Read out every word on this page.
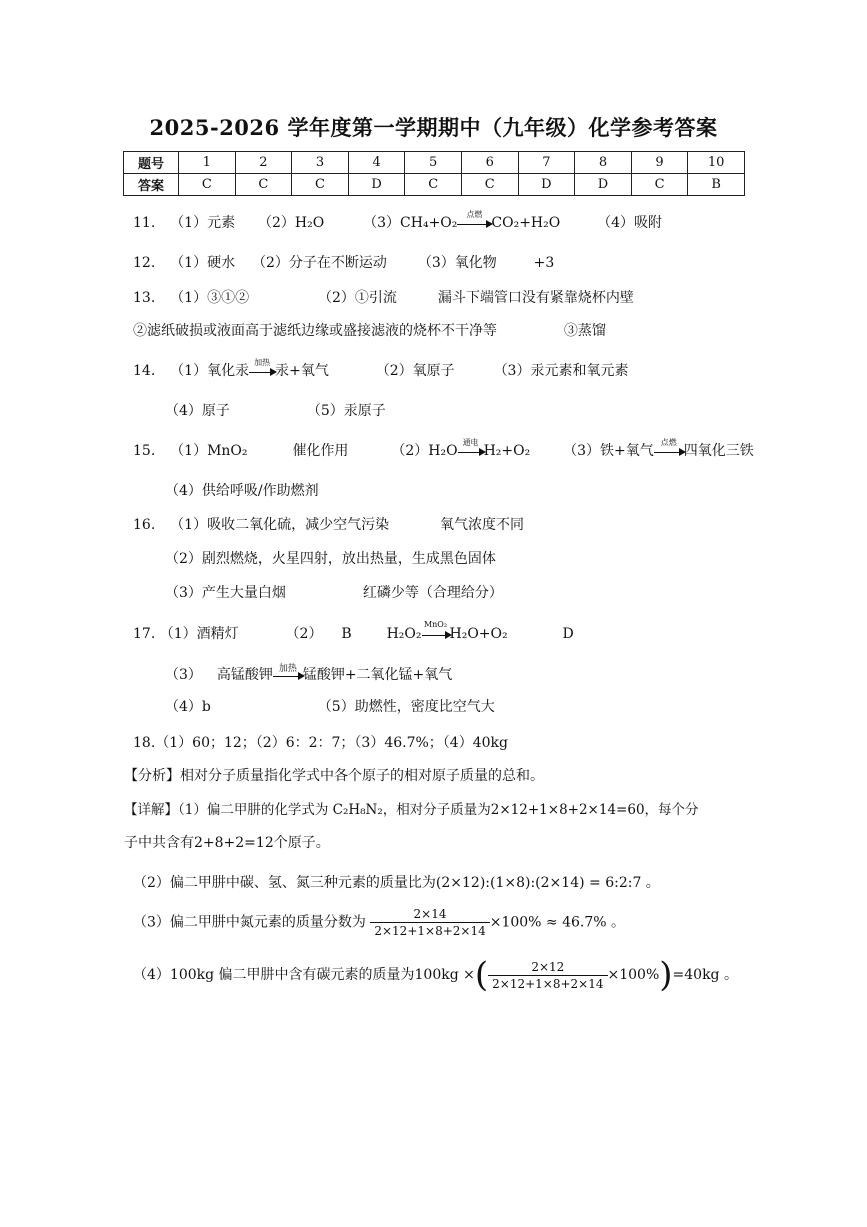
2025-2026 学年度第一学期期中（九年级）化学参考答案
题号	1	2	3	4	5	6	7	8	9	10
答案	C	C	C	D	C	C	D	D	C	B
11. （1）元素 （2）H₂O	（3）CH₄+O₂
点燃
CO₂+H₂O	（4）吸附
12. （1）硬水 （2）分子在不断运动 （3）氧化物	+3
13. （1）③①②	（2）①引流	漏斗下端管口没有紧靠烧杯内壁
②滤纸破损或液面高于滤纸边缘或盛接滤液的烧杯不干净等	③蒸馏
14. （1）氧化汞
加热
汞+氧气	（2）氧原子	（3）汞元素和氧元素
（4）原子	（5）汞原子
15. （1）MnO₂	催化作用	（2）H₂O
通电
H₂+O₂ （3）铁+氧气
点燃
四氧化三铁
（4）供给呼吸/作助燃剂
16. （1）吸收二氧化硫，减少空气污染	氧气浓度不同
（2）剧烈燃烧，火星四射，放出热量，生成黑色固体
（3）产生大量白烟	红磷少等（合理给分）
17. （1）酒精灯	（2） B H₂O₂
MnO₂
H₂O+O₂	D
（3） 高锰酸钾 加热 锰酸钾+二氧化锰+氧气
（4）b	（5）助燃性，密度比空气大
18.（1）60；12；（2）6：2：7；（3）46.7%；（4）40kg
【分析】相对分子质量指化学式中各个原子的相对原子质量的总和。
【详解】（1）偏二甲肼的化学式为 C₂H₈N₂，相对分子质量为2×12+1×8+2×14=60，每个分
子中共含有2+8+2=12个原子。
（2）偏二甲肼中碳、氢、氮三种元素的质量比为(2×12):(1×8):(2×14) = 6:2:7 。
（3）偏二甲肼中氮元素的质量分数为 $\frac{2\times 14}{2\times 12+1\times 8+2\times 14} \times 100\% \approx 46.7\%$ 。
（4）100kg 偏二甲肼中含有碳元素的质量为100kg ×( $\frac{2\times 12}{2\times 12+1\times 8+2\times 14} \times 100\%)=40kg$ 。
